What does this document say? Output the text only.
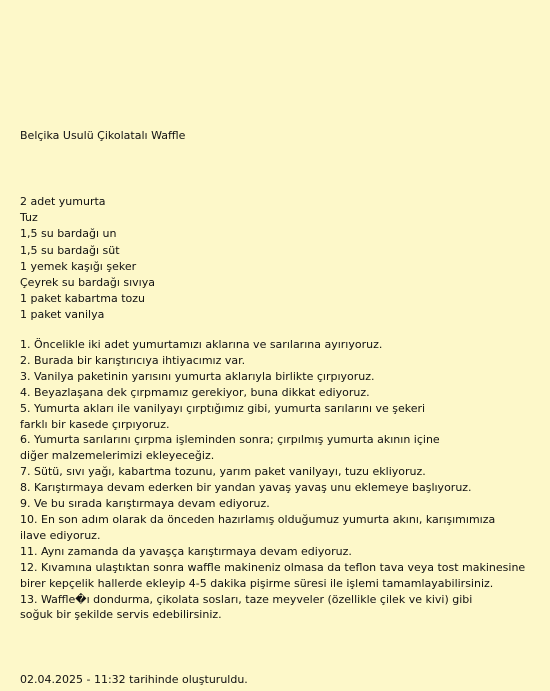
Belçika Usulü Çikolatalı Waffle
2 adet yumurta
Tuz
1,5 su bardağı un
1,5 su bardağı süt
1 yemek kaşığı şeker
Çeyrek su bardağı sıvıya
1 paket kabartma tozu
1 paket vanilya
1. Öncelikle iki adet yumurtamızı aklarına ve sarılarına ayırıyoruz.
2. Burada bir karıştırıcıya ihtiyacımız var.
3. Vanilya paketinin yarısını yumurta aklarıyla birlikte çırpıyoruz.
4. Beyazlaşana dek çırpmamız gerekiyor, buna dikkat ediyoruz.
5. Yumurta akları ile vanilyayı çırptığımız gibi, yumurta sarılarını ve şekeri
farklı bir kasede çırpıyoruz.
6. Yumurta sarılarını çırpma işleminden sonra; çırpılmış yumurta akının içine
diğer malzemelerimizi ekleyeceğiz.
7. Sütü, sıvı yağı, kabartma tozunu, yarım paket vanilyayı, tuzu ekliyoruz.
8. Karıştırmaya devam ederken bir yandan yavaş yavaş unu eklemeye başlıyoruz.
9. Ve bu sırada karıştırmaya devam ediyoruz.
10. En son adım olarak da önceden hazırlamış olduğumuz yumurta akını, karışımımıza
ilave ediyoruz.
11. Aynı zamanda da yavaşça karıştırmaya devam ediyoruz.
12. Kıvamına ulaştıktan sonra waffle makineniz olmasa da teflon tava veya tost makinesine
birer kepçelik hallerde ekleyip 4-5 dakika pişirme süresi ile işlemi tamamlayabilirsiniz.
13. Waffle�ı dondurma, çikolata sosları, taze meyveler (özellikle çilek ve kivi) gibi
soğuk bir şekilde servis edebilirsiniz.
02.04.2025 - 11:32 tarihinde oluşturuldu.
